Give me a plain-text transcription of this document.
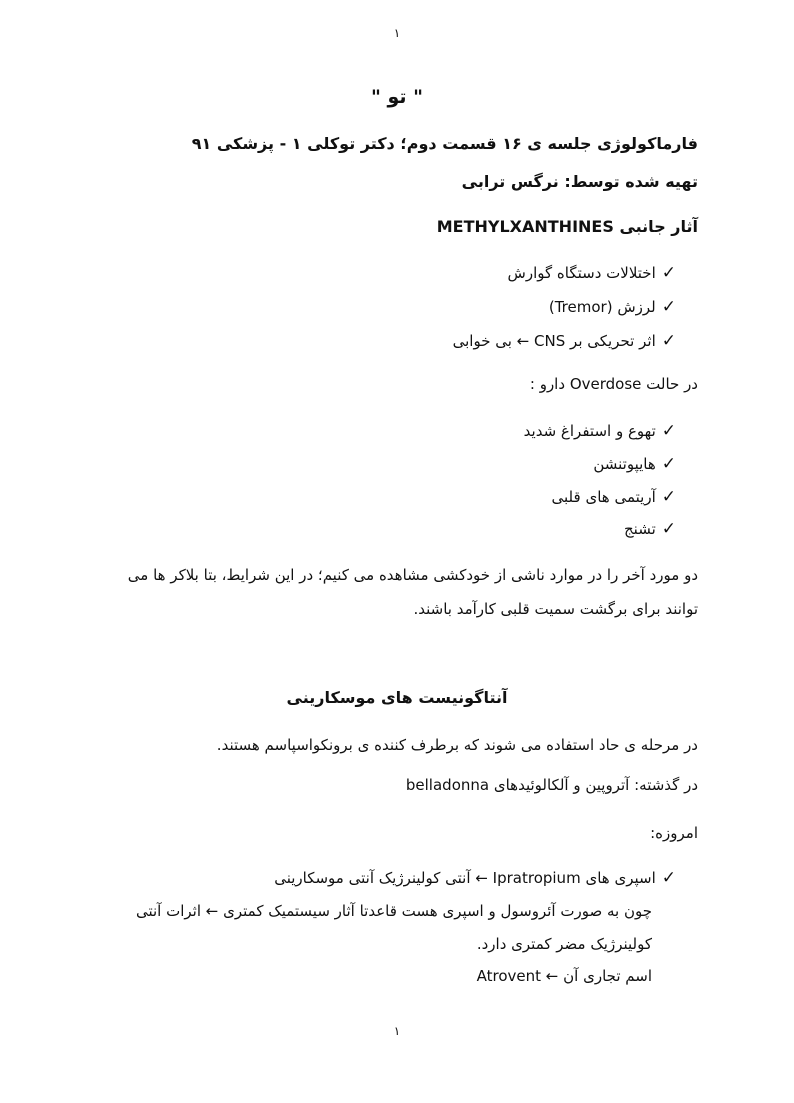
۱
" تو "
فارماکولوژی جلسه ی ۱۶ قسمت دوم؛ دکتر توکلی ۱ - پزشکی ۹۱
تهیه شده توسط: نرگس ترابی
آثار جانبی METHYLXANTHINES
✓اختلالات دستگاه گوارش
✓لرزش (Tremor)
✓اثر تحریکی بر CNS ← بی خوابی
در حالت Overdose دارو :
✓تهوع و استفراغ شدید
✓هایپوتنشن
✓آریتمی های قلبی
✓تشنج
دو مورد آخر را در موارد ناشی از خودکشی مشاهده می کنیم؛ در این شرایط، بتا بلاکر ها می
توانند برای برگشت سمیت قلبی کارآمد باشند.
آنتاگونیست های موسکارینی
در مرحله ی حاد استفاده می شوند که برطرف کننده ی برونکواسپاسم هستند.
در گذشته: آتروپین و آلکالوئیدهای belladonna
امروزه:
✓اسپری های Ipratropium ← آنتی کولینرژیک آنتی موسکارینی
چون به صورت آئروسول و اسپری هست قاعدتا آثار سیستمیک کمتری ← اثرات آنتی
کولینرژیک مضر کمتری دارد.
اسم تجاری آن ← Atrovent
۱
